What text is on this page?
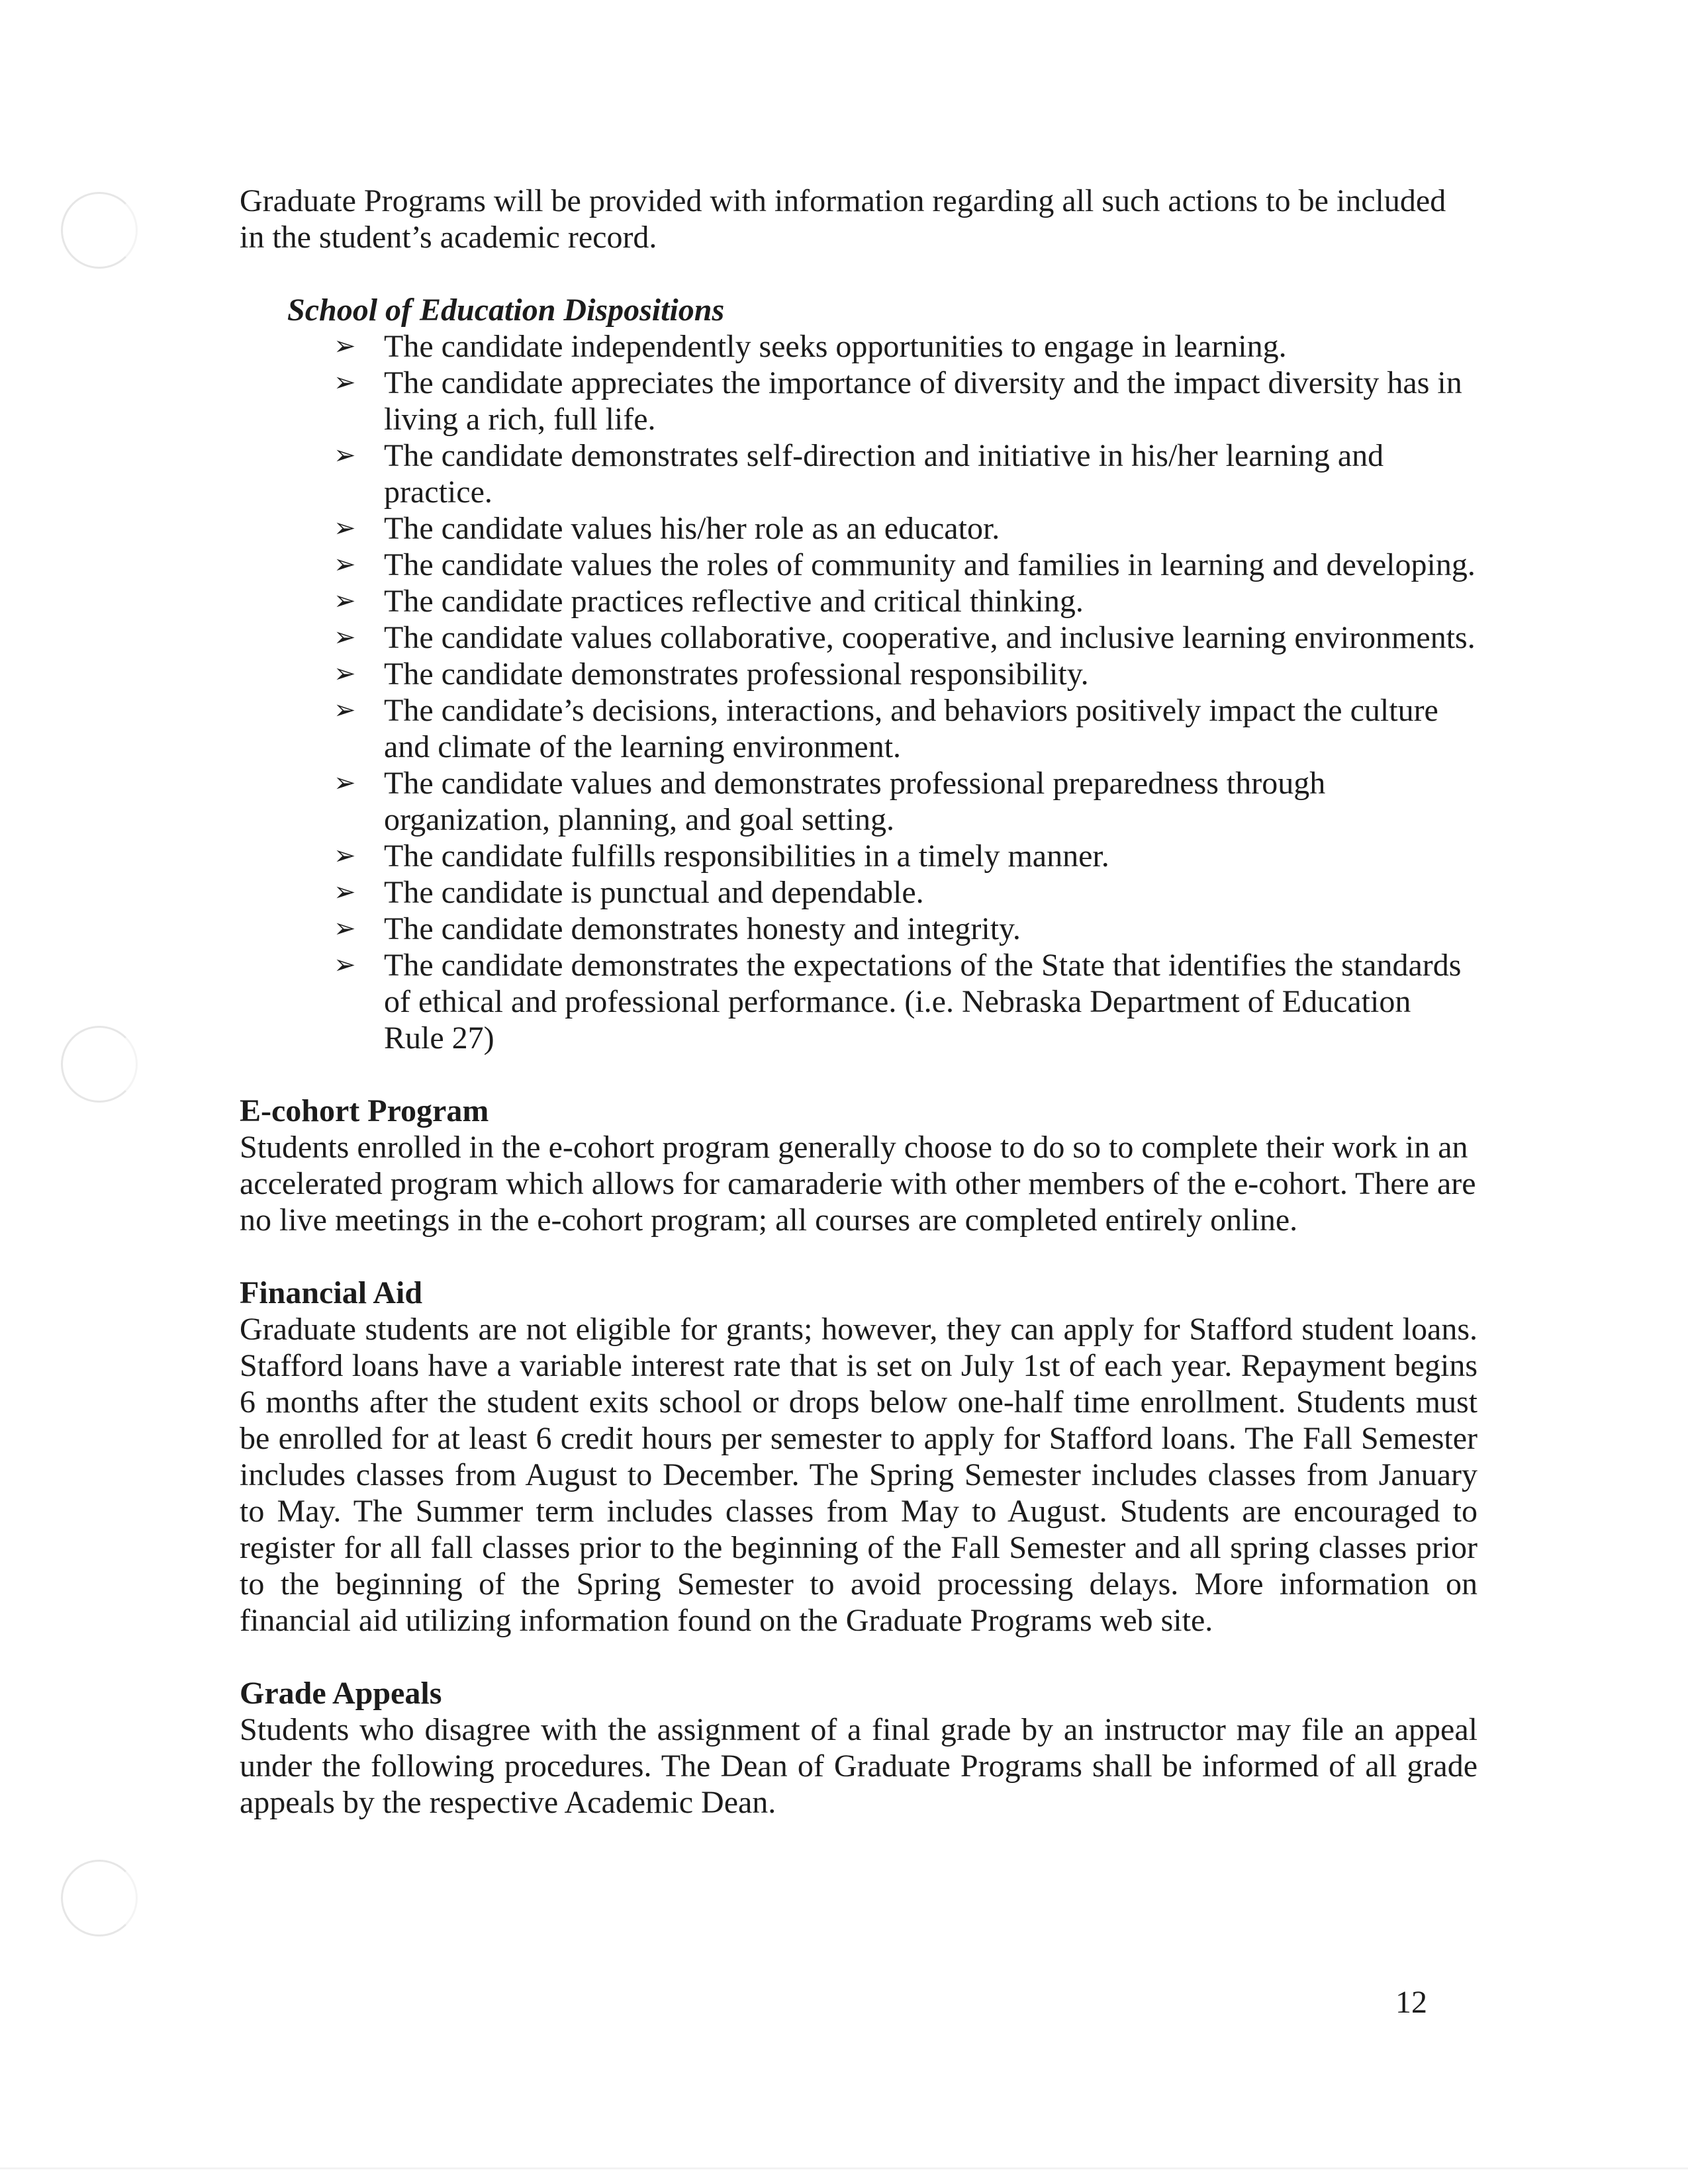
Graduate Programs will be provided with information regarding all such actions to be included in the student’s academic record.

School of Education Dispositions

➢ The candidate independently seeks opportunities to engage in learning.
➢ The candidate appreciates the importance of diversity and the impact diversity has in living a rich, full life.
➢ The candidate demonstrates self-direction and initiative in his/her learning and practice.
➢ The candidate values his/her role as an educator.
➢ The candidate values the roles of community and families in learning and developing.
➢ The candidate practices reflective and critical thinking.
➢ The candidate values collaborative, cooperative, and inclusive learning environments.
➢ The candidate demonstrates professional responsibility.
➢ The candidate’s decisions, interactions, and behaviors positively impact the culture and climate of the learning environment.
➢ The candidate values and demonstrates professional preparedness through organization, planning, and goal setting.
➢ The candidate fulfills responsibilities in a timely manner.
➢ The candidate is punctual and dependable.
➢ The candidate demonstrates honesty and integrity.
➢ The candidate demonstrates the expectations of the State that identifies the standards of ethical and professional performance. (i.e. Nebraska Department of Education Rule 27)

E-cohort Program

Students enrolled in the e-cohort program generally choose to do so to complete their work in an accelerated program which allows for camaraderie with other members of the e-cohort. There are no live meetings in the e-cohort program; all courses are completed entirely online.

Financial Aid

Graduate students are not eligible for grants; however, they can apply for Stafford student loans. Stafford loans have a variable interest rate that is set on July 1st of each year. Repayment begins 6 months after the student exits school or drops below one-half time enrollment. Students must be enrolled for at least 6 credit hours per semester to apply for Stafford loans. The Fall Semester includes classes from August to December. The Spring Semester includes classes from January to May. The Summer term includes classes from May to August. Students are encouraged to register for all fall classes prior to the beginning of the Fall Semester and all spring classes prior to the beginning of the Spring Semester to avoid processing delays. More information on financial aid utilizing information found on the Graduate Programs web site.

Grade Appeals

Students who disagree with the assignment of a final grade by an instructor may file an appeal under the following procedures. The Dean of Graduate Programs shall be informed of all grade appeals by the respective Academic Dean.

12
